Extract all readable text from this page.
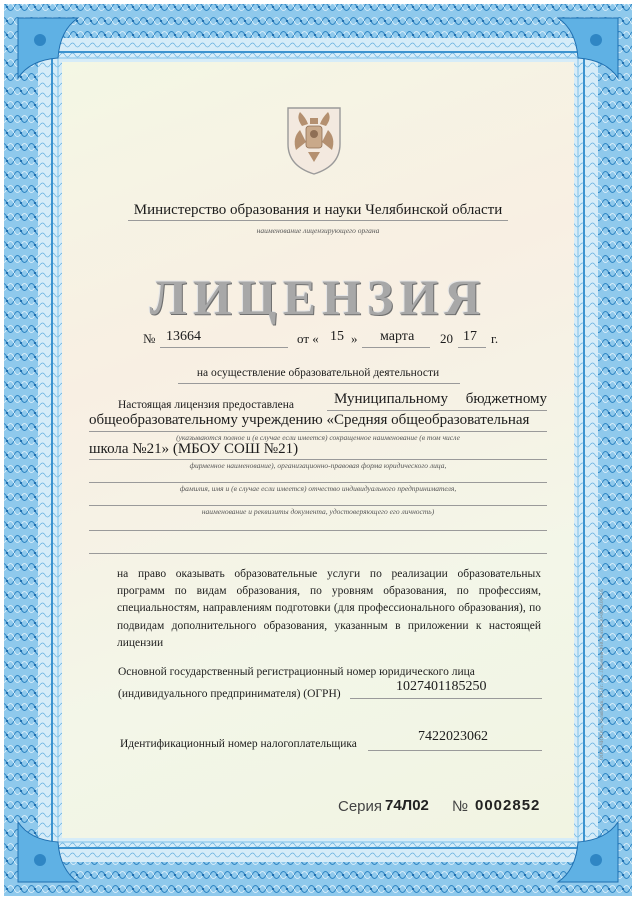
Министерство образования и науки Челябинской области
наименование лицензирующего органа
ЛИЦЕНЗИЯ
№ 13664	от « 15 » марта 20 17 г.
на осуществление образовательной деятельности
Настоящая лицензия предоставлена	Муниципальному бюджетному
общеобразовательному учреждению «Средняя общеобразовательная
(указываются полное и (в случае если имеется) сокращенное наименование (в том числе
школа №21» (МБОУ СОШ №21)
фирменное наименование), организационно-правовая форма юридического лица,
фамилия, имя и (в случае если имеется) отчество индивидуального предпринимателя,
наименование и реквизиты документа, удостоверяющего его личность)
на право оказывать образовательные услуги по реализации образовательных программ по видам образования, по уровням образования, по профессиям, специальностям, направлениям подготовки (для профессионального образования), по подвидам дополнительного образования, указанным в приложении к настоящей лицензии
Основной государственный регистрационный номер юридического лица
(индивидуального предпринимателя) (ОГРН)	1027401185250
Идентификационный номер налогоплательщика	7422023062
Серия 74Л02 № 0002852
ООО «ЧИКОС», Челябинск, 2013 г. «Б». Лицензия ФНС России 20-06.08.06-105
